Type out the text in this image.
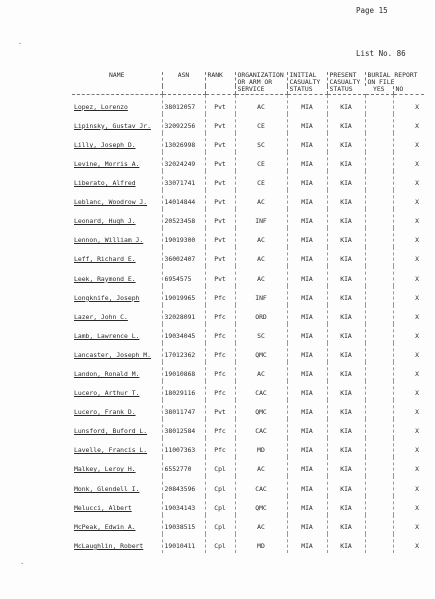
Page 15
List No. 86
·
·
NAME	ASN	RANK	ORGANIZATION OR ARM OR SERVICE	INITIAL CASUALTY STATUS	PRESENT CASUALTY STATUS	BURIAL REPORT ON FILE	
						YES	NO
Lopez, Lorenzo	38012057	Pvt	AC	MIA	KIA		X
Lipinsky, Gustav Jr.	32092256	Pvt	CE	MIA	KIA		X
Lilly, Joseph D.	13026998	Pvt	SC	MIA	KIA		X
Levine, Morris A.	32024249	Pvt	CE	MIA	KIA		X
Liberato, Alfred	33071741	Pvt	CE	MIA	KIA		X
Leblanc, Woodrow J.	14014844	Pvt	AC	MIA	KIA		X
Leonard, Hugh J.	20523458	Pvt	INF	MIA	KIA		X
Lennon, William J.	19019300	Pvt	AC	MIA	KIA		X
Leff, Richard E.	36002407	Pvt	AC	MIA	KIA		X
Leek, Raymond E.	6954575	Pvt	AC	MIA	KIA		X
Longknife, Joseph	19019965	Pfc	INF	MIA	KIA		X
Lazer, John C.	32028091	Pfc	ORD	MIA	KIA		X
Lamb, Lawrence L.	19034045	Pfc	SC	MIA	KIA		X
Lancaster, Joseph M.	17012362	Pfc	QMC	MIA	KIA		X
Landon, Ronald M.	19010868	Pfc	AC	MIA	KIA		X
Lucero, Arthur T.	18029116	Pfc	CAC	MIA	KIA		X
Lucero, Frank D.	38011747	Pvt	QMC	MIA	KIA		X
Lunsford, Buford L.	38012584	Pfc	CAC	MIA	KIA		X
Lavelle, Francis L.	11007363	Pfc	MD	MIA	KIA		X
Malkey, Leroy H.	6552770	Cpl	AC	MIA	KIA		X
Monk, Glendell I.	20843596	Cpl	CAC	MIA	KIA		X
Melucci, Albert	19034143	Cpl	QMC	MIA	KIA		X
McPeak, Edwin A.	19038515	Cpl	AC	MIA	KIA		X
McLaughlin, Robert	19010411	Cpl	MD	MIA	KIA		X
